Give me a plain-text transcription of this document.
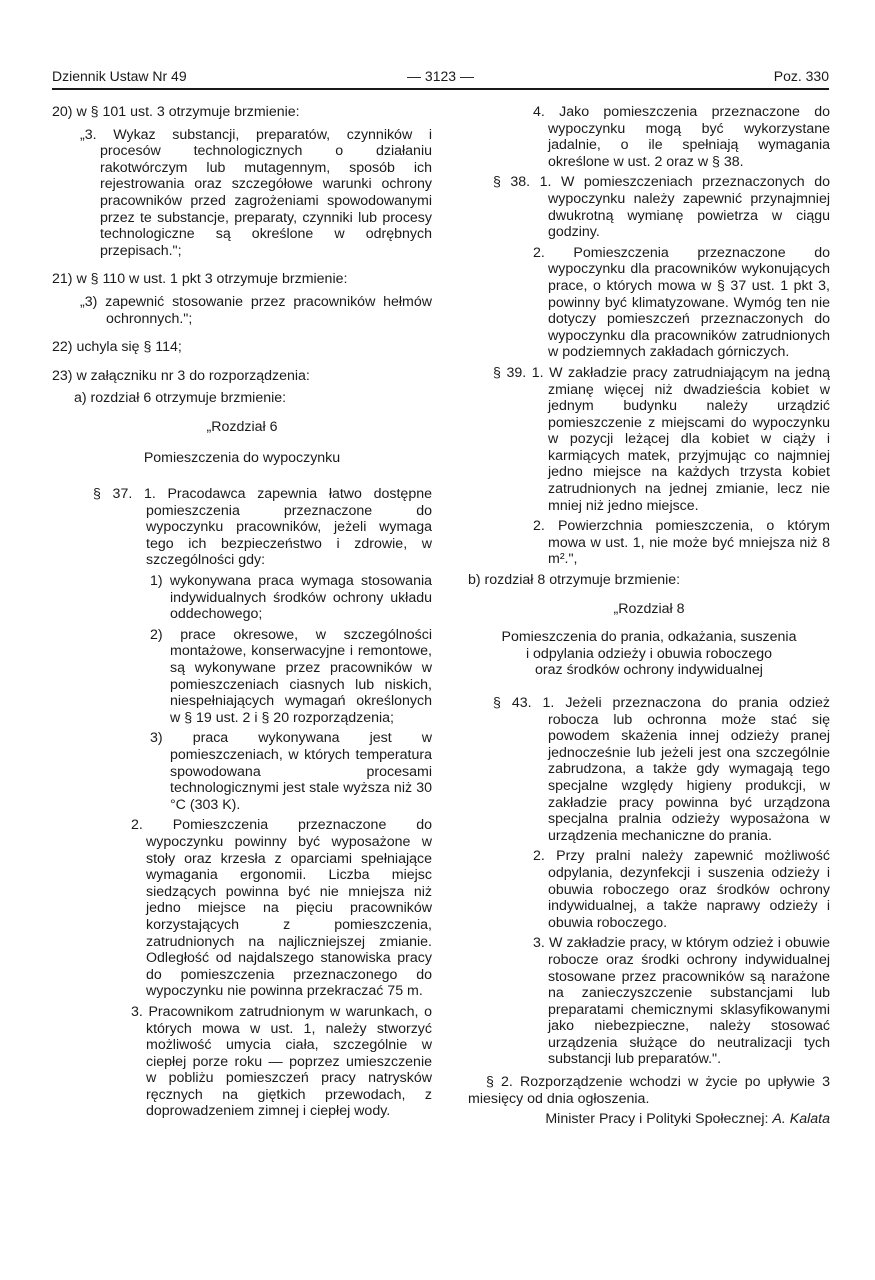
Dziennik Ustaw Nr 49	— 3123 —	Poz. 330

20) w § 101 ust. 3 otrzymuje brzmienie:

„3. Wykaz substancji, preparatów, czynników i procesów technologicznych o działaniu rakotwórczym lub mutagennym, sposób ich rejestrowania oraz szczegółowe warunki ochrony pracowników przed zagrożeniami spowodowanymi przez te substancje, preparaty, czynniki lub procesy technologiczne są określone w odrębnych przepisach.";

21) w § 110 w ust. 1 pkt 3 otrzymuje brzmienie:

„3) zapewnić stosowanie przez pracowników hełmów ochronnych.";

22) uchyla się § 114;

23) w załączniku nr 3 do rozporządzenia:

a) rozdział 6 otrzymuje brzmienie:

„Rozdział 6

Pomieszczenia do wypoczynku

§ 37. 1. Pracodawca zapewnia łatwo dostępne pomieszczenia przeznaczone do wypoczynku pracowników, jeżeli wymaga tego ich bezpieczeństwo i zdrowie, w szczególności gdy:

1) wykonywana praca wymaga stosowania indywidualnych środków ochrony układu oddechowego;

2) prace okresowe, w szczególności montażowe, konserwacyjne i remontowe, są wykonywane przez pracowników w pomieszczeniach ciasnych lub niskich, niespełniających wymagań określonych w § 19 ust. 2 i § 20 rozporządzenia;

3) praca wykonywana jest w pomieszczeniach, w których temperatura spowodowana procesami technologicznymi jest stale wyższa niż 30 °C (303 K).

2. Pomieszczenia przeznaczone do wypoczynku powinny być wyposażone w stoły oraz krzesła z oparciami spełniające wymagania ergonomii. Liczba miejsc siedzących powinna być nie mniejsza niż jedno miejsce na pięciu pracowników korzystających z pomieszczenia, zatrudnionych na najliczniejszej zmianie. Odległość od najdalszego stanowiska pracy do pomieszczenia przeznaczonego do wypoczynku nie powinna przekraczać 75 m.

3. Pracownikom zatrudnionym w warunkach, o których mowa w ust. 1, należy stworzyć możliwość umycia ciała, szczególnie w ciepłej porze roku — poprzez umieszczenie w pobliżu pomieszczeń pracy natrysków ręcznych na giętkich przewodach, z doprowadzeniem zimnej i ciepłej wody.

4. Jako pomieszczenia przeznaczone do wypoczynku mogą być wykorzystane jadalnie, o ile spełniają wymagania określone w ust. 2 oraz w § 38.

§ 38. 1. W pomieszczeniach przeznaczonych do wypoczynku należy zapewnić przynajmniej dwukrotną wymianę powietrza w ciągu godziny.

2. Pomieszczenia przeznaczone do wypoczynku dla pracowników wykonujących prace, o których mowa w § 37 ust. 1 pkt 3, powinny być klimatyzowane. Wymóg ten nie dotyczy pomieszczeń przeznaczonych do wypoczynku dla pracowników zatrudnionych w podziemnych zakładach górniczych.

§ 39. 1. W zakładzie pracy zatrudniającym na jedną zmianę więcej niż dwadzieścia kobiet w jednym budynku należy urządzić pomieszczenie z miejscami do wypoczynku w pozycji leżącej dla kobiet w ciąży i karmiących matek, przyjmując co najmniej jedno miejsce na każdych trzysta kobiet zatrudnionych na jednej zmianie, lecz nie mniej niż jedno miejsce.

2. Powierzchnia pomieszczenia, o którym mowa w ust. 1, nie może być mniejsza niż 8 m².",

b) rozdział 8 otrzymuje brzmienie:

„Rozdział 8

Pomieszczenia do prania, odkażania, suszenia

i odpylania odzieży i obuwia roboczego

oraz środków ochrony indywidualnej

§ 43. 1. Jeżeli przeznaczona do prania odzież robocza lub ochronna może stać się powodem skażenia innej odzieży pranej jednocześnie lub jeżeli jest ona szczególnie zabrudzona, a także gdy wymagają tego specjalne względy higieny produkcji, w zakładzie pracy powinna być urządzona specjalna pralnia odzieży wyposażona w urządzenia mechaniczne do prania.

2. Przy pralni należy zapewnić możliwość odpylania, dezynfekcji i suszenia odzieży i obuwia roboczego oraz środków ochrony indywidualnej, a także naprawy odzieży i obuwia roboczego.

3. W zakładzie pracy, w którym odzież i obuwie robocze oraz środki ochrony indywidualnej stosowane przez pracowników są narażone na zanieczyszczenie substancjami lub preparatami chemicznymi sklasyfikowanymi jako niebezpieczne, należy stosować urządzenia służące do neutralizacji tych substancji lub preparatów.".

§ 2. Rozporządzenie wchodzi w życie po upływie 3 miesięcy od dnia ogłoszenia.

Minister Pracy i Polityki Społecznej: A. Kalata
